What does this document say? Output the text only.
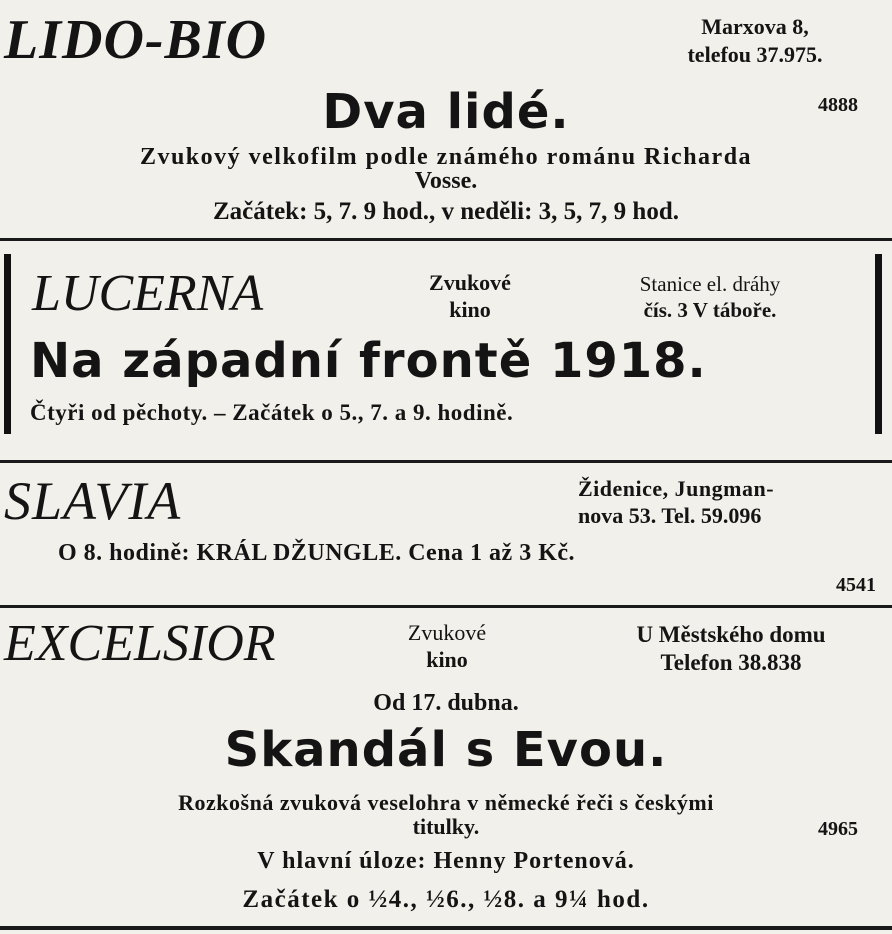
LIDO-BIO	Marxova 8,
telefou 37.975.
Dva lidé.	4888
Zvukový velkofilm podle známého románu Richarda
Vosse.
Začátek: 5, 7. 9 hod., v neděli: 3, 5, 7, 9 hod.
LUCERNA	Zvukové
kino
Stanice el. dráhy
čís. 3 V táboře.
Na západní frontě 1918.
Čtyři od pěchoty. – Začátek o 5., 7. a 9. hodině.
SLAVIA	Židenice, Jungman-
nova 53. Tel. 59.096
O 8. hodině: KRÁL DŽUNGLE. Cena 1 až 3 Kč.
4541
EXCELSIOR	Zvukové
kino
U Městského domu
Telefon 38.838
Od 17. dubna.
Skandál s Evou.
Rozkošná zvuková veselohra v německé řeči s českými
titulky.	4965
V hlavní úloze: Henny Portenová.
Začátek o ½4., ½6., ½8. a 9¼ hod.
